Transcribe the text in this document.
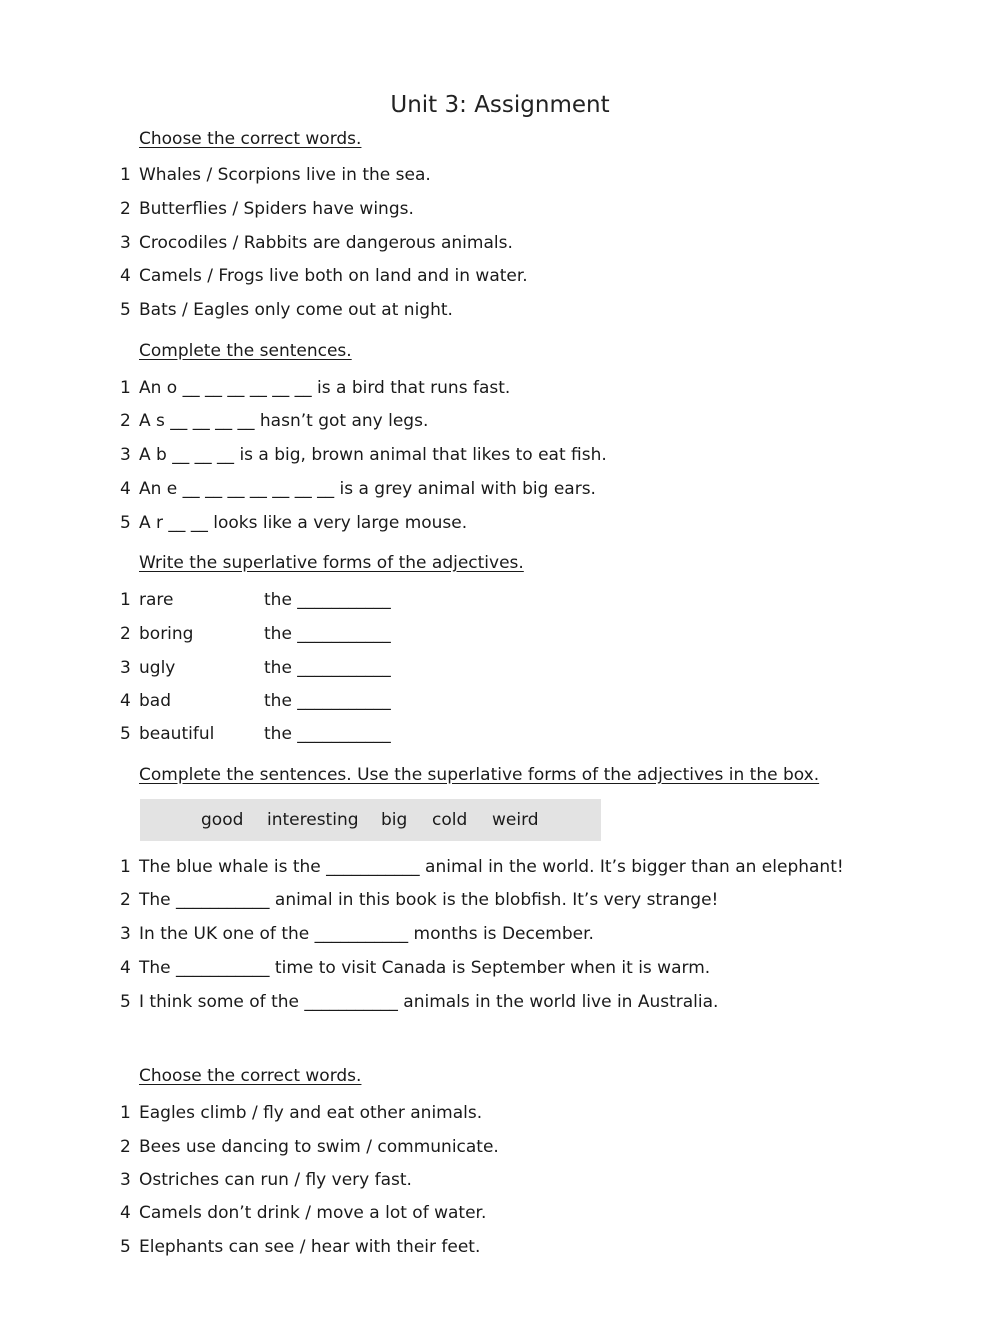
Unit 3: Assignment
Choose the correct words.
1 Whales / Scorpions live in the sea.
2 Butterflies / Spiders have wings.
3 Crocodiles / Rabbits are dangerous animals.
4 Camels / Frogs live both on land and in water.
5 Bats / Eagles only come out at night.
Complete the sentences.
1 An o __ __ __ __ __ __ is a bird that runs fast.
2 A s __ __ __ __ hasn’t got any legs.
3 A b __ __ __ is a big, brown animal that likes to eat fish.
4 An e __ __ __ __ __ __ __ is a grey animal with big ears.
5 A r __ __ looks like a very large mouse.
Write the superlative forms of the adjectives.
1 rare	the ___________
2 boring	the ___________
3 ugly	the ___________
4 bad	the ___________
5 beautiful	the ___________
Complete the sentences. Use the superlative forms of the adjectives in the box.
good interesting big cold weird
1 The blue whale is the ___________ animal in the world. It’s bigger than an elephant!
2 The ___________ animal in this book is the blobfish. It’s very strange!
3 In the UK one of the ___________ months is December.
4 The ___________ time to visit Canada is September when it is warm.
5 I think some of the ___________ animals in the world live in Australia.
Choose the correct words.
1 Eagles climb / fly and eat other animals.
2 Bees use dancing to swim / communicate.
3 Ostriches can run / fly very fast.
4 Camels don’t drink / move a lot of water.
5 Elephants can see / hear with their feet.
